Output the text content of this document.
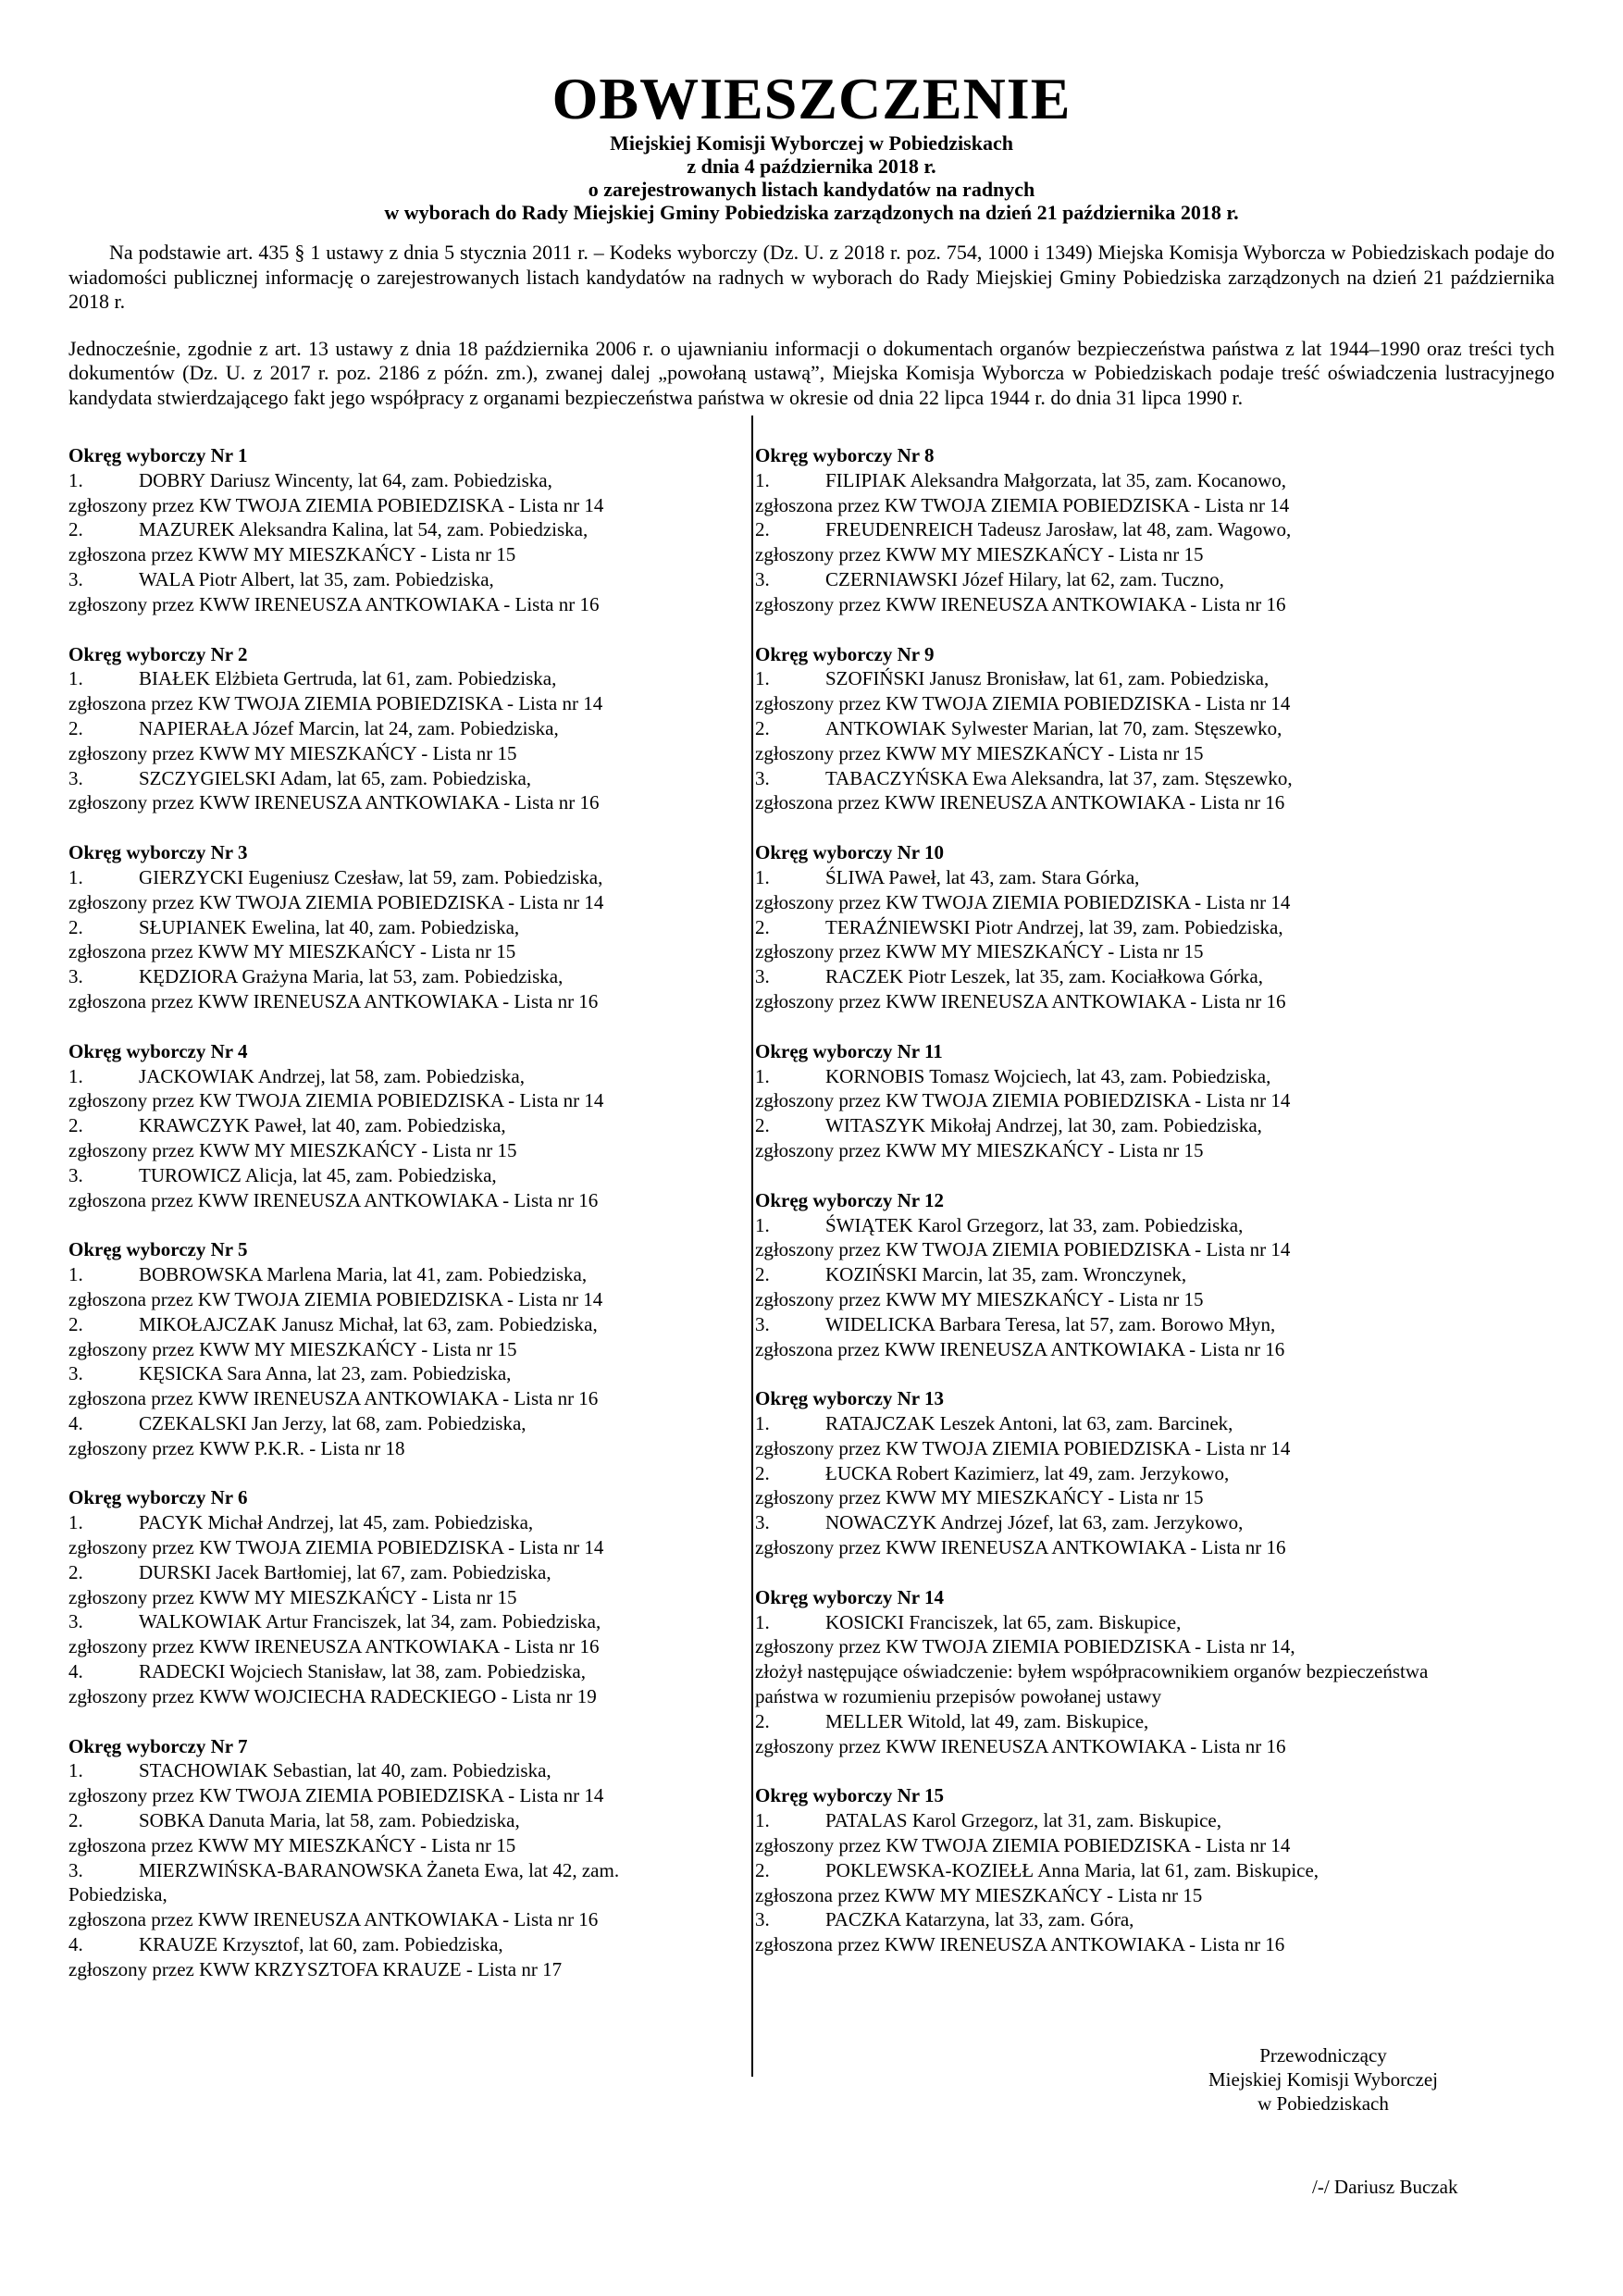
OBWIESZCZENIE

Miejskiej Komisji Wyborczej w Pobiedziskach

z dnia 4 października 2018 r.

o zarejestrowanych listach kandydatów na radnych

w wyborach do Rady Miejskiej Gminy Pobiedziska zarządzonych na dzień 21 października 2018 r.

Na podstawie art. 435 § 1 ustawy z dnia 5 stycznia 2011 r. – Kodeks wyborczy (Dz. U. z 2018 r. poz. 754, 1000 i 1349) Miejska Komisja Wyborcza w Pobiedziskach podaje do wiadomości publicznej informację o zarejestrowanych listach kandydatów na radnych w wyborach do Rady Miejskiej Gminy Pobiedziska zarządzonych na dzień 21 października 2018 r.

Jednocześnie, zgodnie z art. 13 ustawy z dnia 18 października 2006 r. o ujawnianiu informacji o dokumentach organów bezpieczeństwa państwa z lat 1944–1990 oraz treści tych dokumentów (Dz. U. z 2017 r. poz. 2186 z późn. zm.), zwanej dalej „powołaną ustawą”, Miejska Komisja Wyborcza w Pobiedziskach podaje treść oświadczenia lustracyjnego kandydata stwierdzającego fakt jego współpracy z organami bezpieczeństwa państwa w okresie od dnia 22 lipca 1944 r. do dnia 31 lipca 1990 r.

Okręg wyborczy Nr 1
1.	DOBRY Dariusz Wincenty, lat 64, zam. Pobiedziska,
zgłoszony przez KW TWOJA ZIEMIA POBIEDZISKA - Lista nr 14
2.	MAZUREK Aleksandra Kalina, lat 54, zam. Pobiedziska,
zgłoszona przez KWW MY MIESZKAŃCY - Lista nr 15
3.	WALA Piotr Albert, lat 35, zam. Pobiedziska,
zgłoszony przez KWW IRENEUSZA ANTKOWIAKA - Lista nr 16
Okręg wyborczy Nr 2
1.	BIAŁEK Elżbieta Gertruda, lat 61, zam. Pobiedziska,
zgłoszona przez KW TWOJA ZIEMIA POBIEDZISKA - Lista nr 14
2.	NAPIERAŁA Józef Marcin, lat 24, zam. Pobiedziska,
zgłoszony przez KWW MY MIESZKAŃCY - Lista nr 15
3.	SZCZYGIELSKI Adam, lat 65, zam. Pobiedziska,
zgłoszony przez KWW IRENEUSZA ANTKOWIAKA - Lista nr 16
Okręg wyborczy Nr 3
1.	GIERZYCKI Eugeniusz Czesław, lat 59, zam. Pobiedziska,
zgłoszony przez KW TWOJA ZIEMIA POBIEDZISKA - Lista nr 14
2.	SŁUPIANEK Ewelina, lat 40, zam. Pobiedziska,
zgłoszona przez KWW MY MIESZKAŃCY - Lista nr 15
3.	KĘDZIORA Grażyna Maria, lat 53, zam. Pobiedziska,
zgłoszona przez KWW IRENEUSZA ANTKOWIAKA - Lista nr 16
Okręg wyborczy Nr 4
1.	JACKOWIAK Andrzej, lat 58, zam. Pobiedziska,
zgłoszony przez KW TWOJA ZIEMIA POBIEDZISKA - Lista nr 14
2.	KRAWCZYK Paweł, lat 40, zam. Pobiedziska,
zgłoszony przez KWW MY MIESZKAŃCY - Lista nr 15
3.	TUROWICZ Alicja, lat 45, zam. Pobiedziska,
zgłoszona przez KWW IRENEUSZA ANTKOWIAKA - Lista nr 16
Okręg wyborczy Nr 5
1.	BOBROWSKA Marlena Maria, lat 41, zam. Pobiedziska,
zgłoszona przez KW TWOJA ZIEMIA POBIEDZISKA - Lista nr 14
2.	MIKOŁAJCZAK Janusz Michał, lat 63, zam. Pobiedziska,
zgłoszony przez KWW MY MIESZKAŃCY - Lista nr 15
3.	KĘSICKA Sara Anna, lat 23, zam. Pobiedziska,
zgłoszona przez KWW IRENEUSZA ANTKOWIAKA - Lista nr 16
4.	CZEKALSKI Jan Jerzy, lat 68, zam. Pobiedziska,
zgłoszony przez KWW P.K.R. - Lista nr 18
Okręg wyborczy Nr 6
1.	PACYK Michał Andrzej, lat 45, zam. Pobiedziska,
zgłoszony przez KW TWOJA ZIEMIA POBIEDZISKA - Lista nr 14
2.	DURSKI Jacek Bartłomiej, lat 67, zam. Pobiedziska,
zgłoszony przez KWW MY MIESZKAŃCY - Lista nr 15
3.	WALKOWIAK Artur Franciszek, lat 34, zam. Pobiedziska,
zgłoszony przez KWW IRENEUSZA ANTKOWIAKA - Lista nr 16
4.	RADECKI Wojciech Stanisław, lat 38, zam. Pobiedziska,
zgłoszony przez KWW WOJCIECHA RADECKIEGO - Lista nr 19
Okręg wyborczy Nr 7
1.	STACHOWIAK Sebastian, lat 40, zam. Pobiedziska,
zgłoszony przez KW TWOJA ZIEMIA POBIEDZISKA - Lista nr 14
2.	SOBKA Danuta Maria, lat 58, zam. Pobiedziska,
zgłoszona przez KWW MY MIESZKAŃCY - Lista nr 15
3.	MIERZWIŃSKA-BARANOWSKA Żaneta Ewa, lat 42, zam.
Pobiedziska,
zgłoszona przez KWW IRENEUSZA ANTKOWIAKA - Lista nr 16
4.	KRAUZE Krzysztof, lat 60, zam. Pobiedziska,
zgłoszony przez KWW KRZYSZTOFA KRAUZE - Lista nr 17
Okręg wyborczy Nr 8
1.	FILIPIAK Aleksandra Małgorzata, lat 35, zam. Kocanowo,
zgłoszona przez KW TWOJA ZIEMIA POBIEDZISKA - Lista nr 14
2.	FREUDENREICH Tadeusz Jarosław, lat 48, zam. Wagowo,
zgłoszony przez KWW MY MIESZKAŃCY - Lista nr 15
3.	CZERNIAWSKI Józef Hilary, lat 62, zam. Tuczno,
zgłoszony przez KWW IRENEUSZA ANTKOWIAKA - Lista nr 16
Okręg wyborczy Nr 9
1.	SZOFIŃSKI Janusz Bronisław, lat 61, zam. Pobiedziska,
zgłoszony przez KW TWOJA ZIEMIA POBIEDZISKA - Lista nr 14
2.	ANTKOWIAK Sylwester Marian, lat 70, zam. Stęszewko,
zgłoszony przez KWW MY MIESZKAŃCY - Lista nr 15
3.	TABACZYŃSKA Ewa Aleksandra, lat 37, zam. Stęszewko,
zgłoszona przez KWW IRENEUSZA ANTKOWIAKA - Lista nr 16
Okręg wyborczy Nr 10
1.	ŚLIWA Paweł, lat 43, zam. Stara Górka,
zgłoszony przez KW TWOJA ZIEMIA POBIEDZISKA - Lista nr 14
2.	TERAŹNIEWSKI Piotr Andrzej, lat 39, zam. Pobiedziska,
zgłoszony przez KWW MY MIESZKAŃCY - Lista nr 15
3.	RACZEK Piotr Leszek, lat 35, zam. Kociałkowa Górka,
zgłoszony przez KWW IRENEUSZA ANTKOWIAKA - Lista nr 16
Okręg wyborczy Nr 11
1.	KORNOBIS Tomasz Wojciech, lat 43, zam. Pobiedziska,
zgłoszony przez KW TWOJA ZIEMIA POBIEDZISKA - Lista nr 14
2.	WITASZYK Mikołaj Andrzej, lat 30, zam. Pobiedziska,
zgłoszony przez KWW MY MIESZKAŃCY - Lista nr 15
Okręg wyborczy Nr 12
1.	ŚWIĄTEK Karol Grzegorz, lat 33, zam. Pobiedziska,
zgłoszony przez KW TWOJA ZIEMIA POBIEDZISKA - Lista nr 14
2.	KOZIŃSKI Marcin, lat 35, zam. Wronczynek,
zgłoszony przez KWW MY MIESZKAŃCY - Lista nr 15
3.	WIDELICKA Barbara Teresa, lat 57, zam. Borowo Młyn,
zgłoszona przez KWW IRENEUSZA ANTKOWIAKA - Lista nr 16
Okręg wyborczy Nr 13
1.	RATAJCZAK Leszek Antoni, lat 63, zam. Barcinek,
zgłoszony przez KW TWOJA ZIEMIA POBIEDZISKA - Lista nr 14
2.	ŁUCKA Robert Kazimierz, lat 49, zam. Jerzykowo,
zgłoszony przez KWW MY MIESZKAŃCY - Lista nr 15
3.	NOWACZYK Andrzej Józef, lat 63, zam. Jerzykowo,
zgłoszony przez KWW IRENEUSZA ANTKOWIAKA - Lista nr 16
Okręg wyborczy Nr 14
1.	KOSICKI Franciszek, lat 65, zam. Biskupice,
zgłoszony przez KW TWOJA ZIEMIA POBIEDZISKA - Lista nr 14,
złożył następujące oświadczenie: byłem współpracownikiem organów bezpieczeństwa
państwa w rozumieniu przepisów powołanej ustawy
2.	MELLER Witold, lat 49, zam. Biskupice,
zgłoszony przez KWW IRENEUSZA ANTKOWIAKA - Lista nr 16
Okręg wyborczy Nr 15
1.	PATALAS Karol Grzegorz, lat 31, zam. Biskupice,
zgłoszony przez KW TWOJA ZIEMIA POBIEDZISKA - Lista nr 14
2.	POKLEWSKA-KOZIEŁŁ Anna Maria, lat 61, zam. Biskupice,
zgłoszona przez KWW MY MIESZKAŃCY - Lista nr 15
3.	PACZKA Katarzyna, lat 33, zam. Góra,
zgłoszona przez KWW IRENEUSZA ANTKOWIAKA - Lista nr 16
Przewodniczący
Miejskiej Komisji Wyborczej
w Pobiedziskach
/-/ Dariusz Buczak
